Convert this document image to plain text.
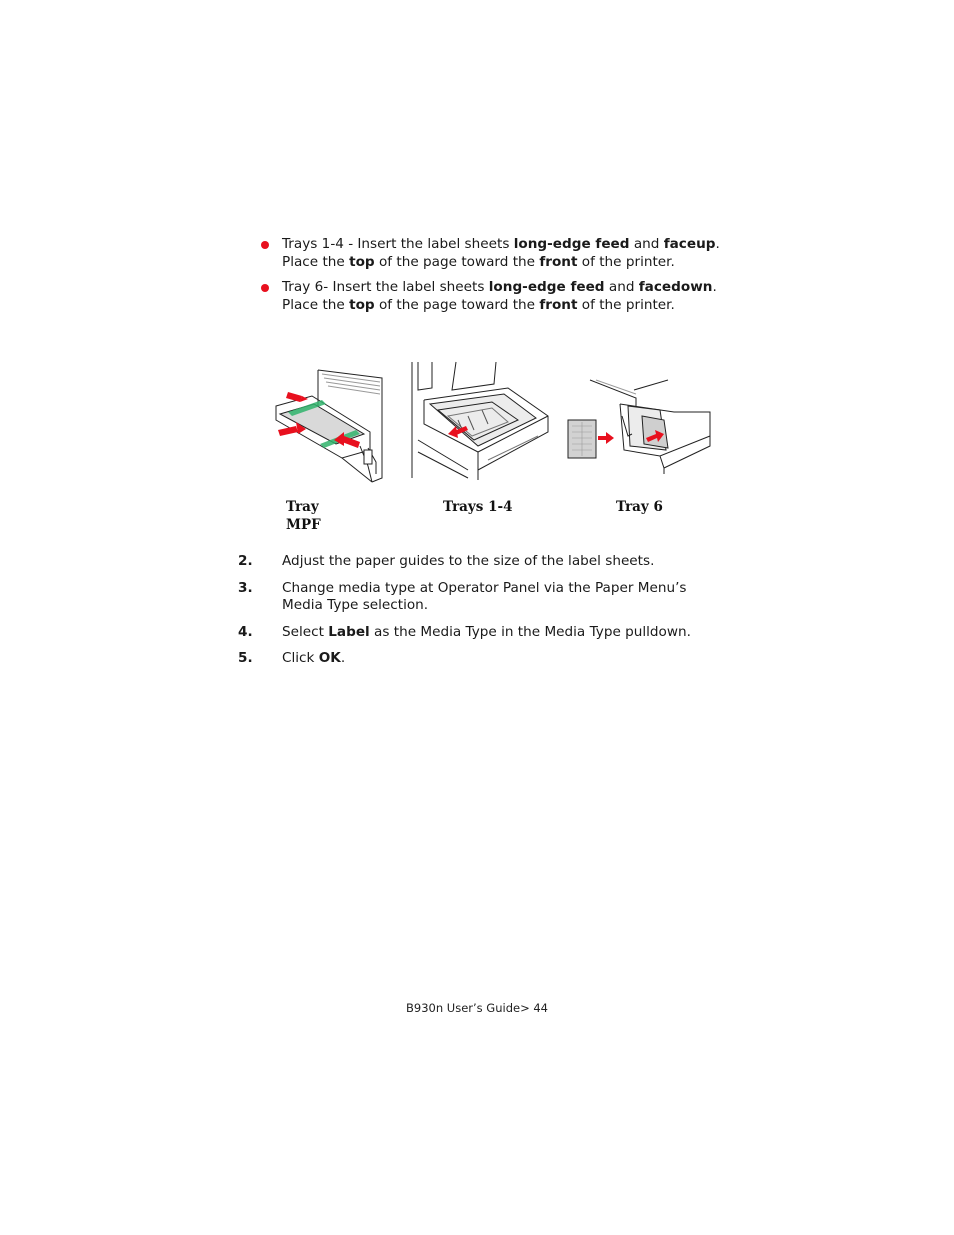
Trays 1-4 - Insert the label sheets long-edge feed and faceup. Place the top of the page toward the front of the printer.
Tray 6- Insert the label sheets long-edge feed and facedown. Place the top of the page toward the front of the printer.
Tray
MPF
Trays 1-4	Tray 6
2. Adjust the paper guides to the size of the label sheets.
3. Change media type at Operator Panel via the Paper Menu’s Media Type selection.
4. Select Label as the Media Type in the Media Type pulldown.
5. Click OK.
B930n User’s Guide> 44
